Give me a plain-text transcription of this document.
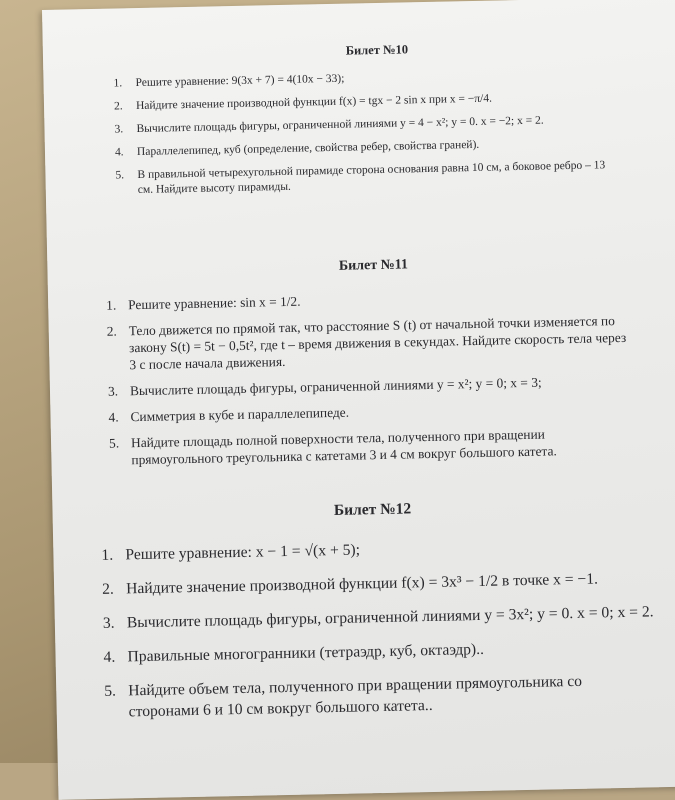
Билет №10
1.	Решите уравнение: 9(3x + 7) = 4(10x − 33);
2.	Найдите значение производной функции f(x) = tgx − 2 sin x при x = −π/4.
3.	Вычислите площадь фигуры, ограниченной линиями y = 4 − x²; y = 0. x = −2; x = 2.
4.	Параллелепипед, куб (определение, свойства ребер, свойства граней).
5.	В правильной четырехугольной пирамиде сторона основания равна 10 см, а боковое ребро – 13 см. Найдите высоту пирамиды.
Билет №11
1. Решите уравнение: sin x = 1/2.
2. Тело движется по прямой так, что расстояние S (t) от начальной точки изменяется по закону S(t) = 5t − 0,5t², где t – время движения в секундах. Найдите скорость тела через 3 с после начала движения.
3. Вычислите площадь фигуры, ограниченной линиями y = x²; y = 0; x = 3;
4. Симметрия в кубе и параллелепипеде.
5. Найдите площадь полной поверхности тела, полученного при вращении прямоугольного треугольника с катетами 3 и 4 см вокруг большого катета.
Билет №12
1. Решите уравнение: x − 1 = √(x + 5);
2. Найдите значение производной функции f(x) = 3x³ − 1/2 в точке x = −1.
3. Вычислите площадь фигуры, ограниченной линиями y = 3x²; y = 0. x = 0; x = 2.
4. Правильные многогранники (тетраэдр, куб, октаэдр)..
5. Найдите объем тела, полученного при вращении прямоугольника со сторонами 6 и 10 см вокруг большого катета..
